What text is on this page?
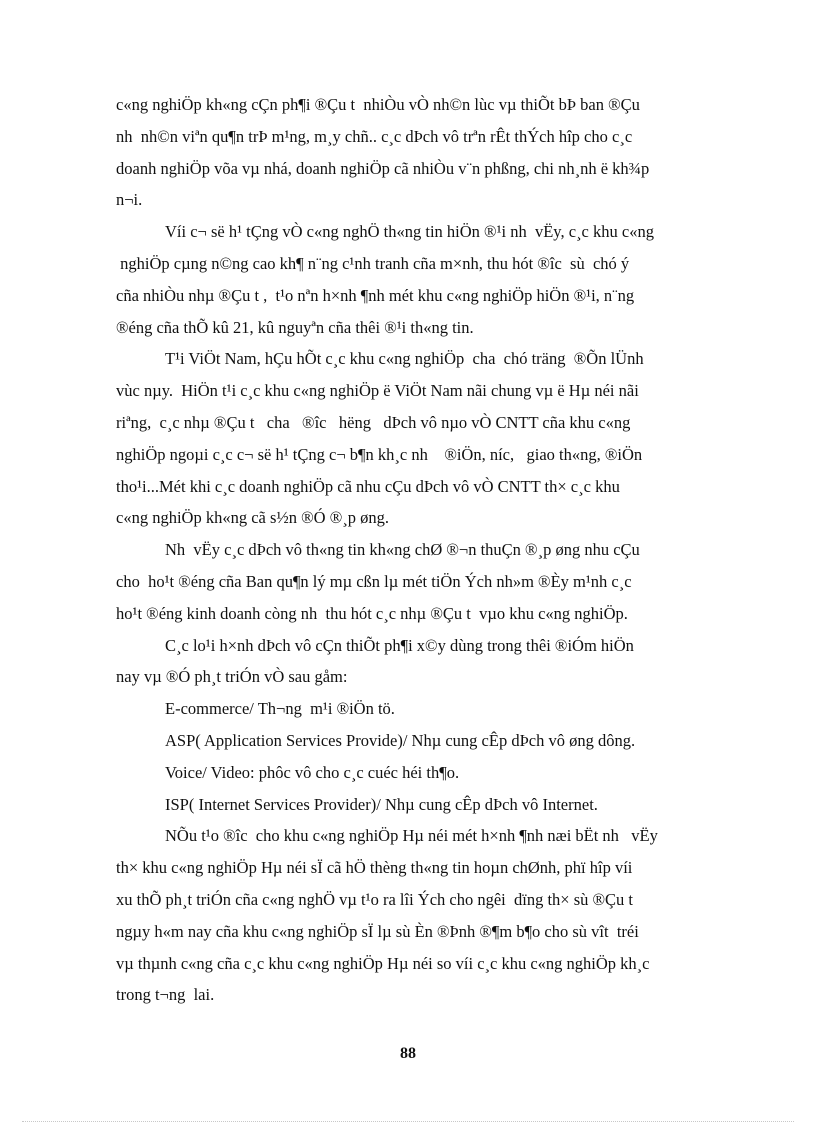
c«ng nghiÖp kh«ng cÇn ph¶i ®Çu t  nhiÒu vÒ nh©n lùc vµ thiÕt bÞ ban ®Çu
nh  nh©n viªn qu¶n trÞ m¹ng, m¸y chñ.. c¸c dÞch vô trªn rÊt thÝch hîp cho c¸c
doanh nghiÖp võa vµ nhá, doanh nghiÖp cã nhiÒu v¨n phßng, chi nh¸nh ë kh¾p
n¬i.
Víi c¬ së h¹ tÇng vÒ c«ng nghÖ th«ng tin hiÖn ®¹i nh  vËy, c¸c khu c«ng
nghiÖp cµng n©ng cao kh¶ n¨ng c¹nh tranh cña m×nh, thu hót ®îc  sù  chó ý
cña nhiÒu nhµ ®Çu t ,  t¹o nªn h×nh ¶nh mét khu c«ng nghiÖp hiÖn ®¹i, n¨ng
®éng cña thÕ kû 21, kû nguyªn cña thêi ®¹i th«ng tin.
T¹i ViÖt Nam, hÇu hÕt c¸c khu c«ng nghiÖp  cha  chó träng  ®Õn lÜnh
vùc nµy.  HiÖn t¹i c¸c khu c«ng nghiÖp ë ViÖt Nam nãi chung vµ ë Hµ néi nãi
riªng,  c¸c nhµ ®Çu t   cha   ®îc   hëng   dÞch vô nµo vÒ CNTT cña khu c«ng
nghiÖp ngoµi c¸c c¬ së h¹ tÇng c¬ b¶n kh¸c nh    ®iÖn, níc,   giao th«ng, ®iÖn
tho¹i...Mét khi c¸c doanh nghiÖp cã nhu cÇu dÞch vô vÒ CNTT th× c¸c khu
c«ng nghiÖp kh«ng cã s½n ®Ó ®¸p øng.
Nh  vËy c¸c dÞch vô th«ng tin kh«ng chØ ®¬n thuÇn ®¸p øng nhu cÇu
cho  ho¹t ®éng cña Ban qu¶n lý mµ cßn lµ mét tiÖn Ých nh»m ®Èy m¹nh c¸c
ho¹t ®éng kinh doanh còng nh  thu hót c¸c nhµ ®Çu t  vµo khu c«ng nghiÖp.
C¸c lo¹i h×nh dÞch vô cÇn thiÕt ph¶i x©y dùng trong thêi ®iÓm hiÖn
nay vµ ®Ó ph¸t triÓn vÒ sau gåm:
E-commerce/ Th¬ng  m¹i ®iÖn tö.
ASP( Application Services Provide)/ Nhµ cung cÊp dÞch vô øng dông.
Voice/ Video: phôc vô cho c¸c cuéc héi th¶o.
ISP( Internet Services Provider)/ Nhµ cung cÊp dÞch vô Internet.
NÕu t¹o ®îc  cho khu c«ng nghiÖp Hµ néi mét h×nh ¶nh næi bËt nh   vËy
th× khu c«ng nghiÖp Hµ néi sÏ cã hÖ thèng th«ng tin hoµn chØnh, phï hîp víi
xu thÕ ph¸t triÓn cña c«ng nghÖ vµ t¹o ra lîi Ých cho ngêi  dïng th× sù ®Çu t
ngµy h«m nay cña khu c«ng nghiÖp sÏ lµ sù Èn ®Þnh ®¶m b¶o cho sù vît  tréi
vµ thµnh c«ng cña c¸c khu c«ng nghiÖp Hµ néi so víi c¸c khu c«ng nghiÖp kh¸c
trong t¬ng  lai.
88
